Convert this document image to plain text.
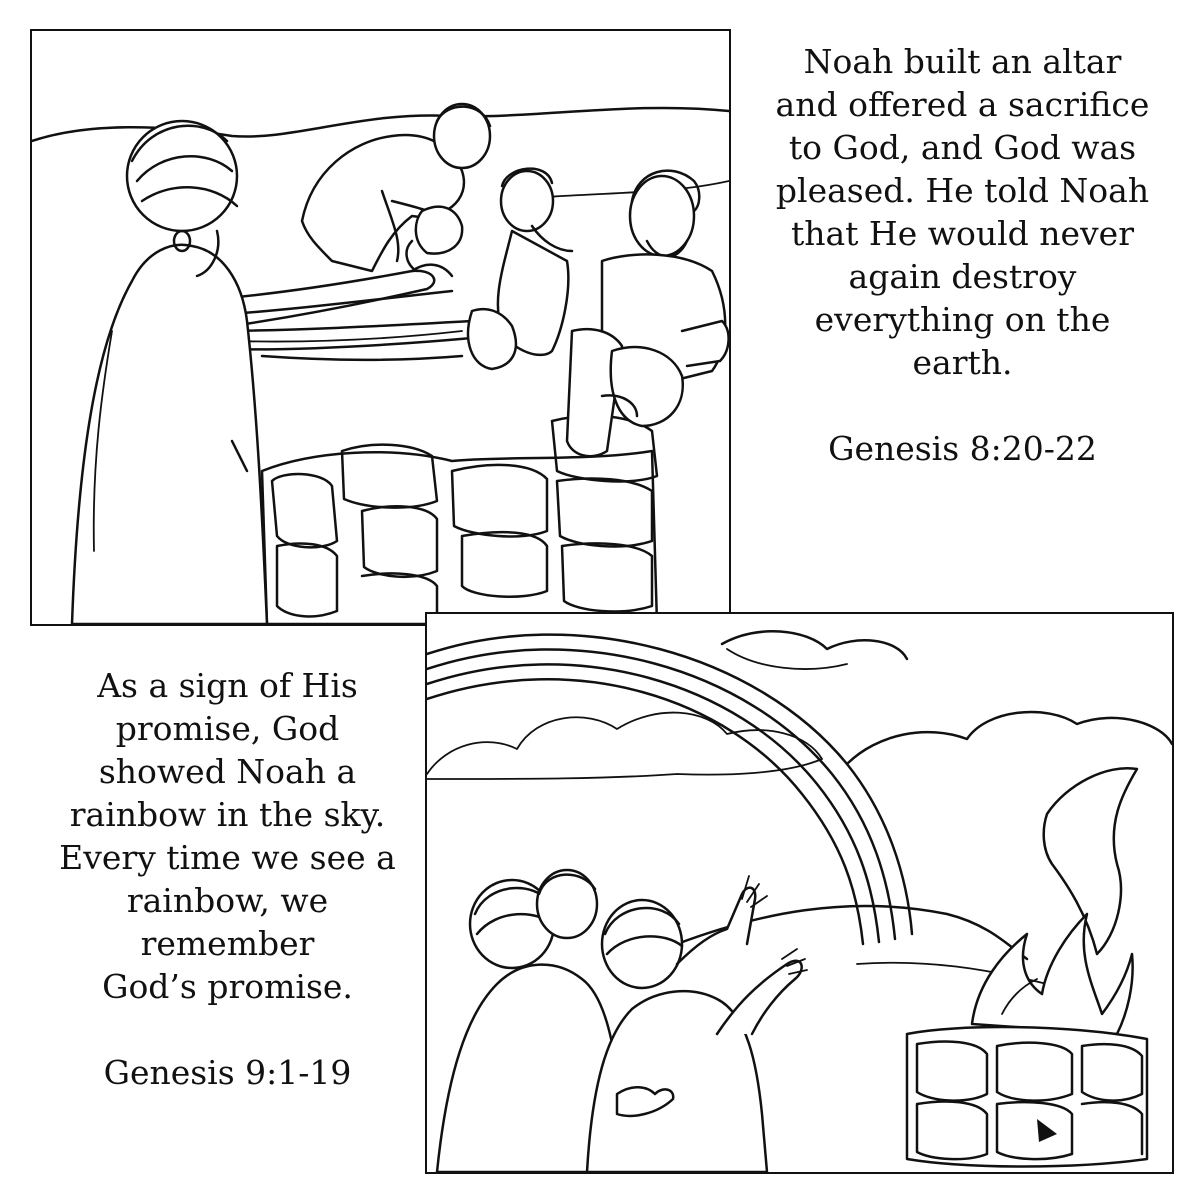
Noah built an altar
and offered a sacrifice
to God, and God was
pleased. He told Noah
that He would never
again destroy
everything on the
earth.
Genesis 8:20-22
As a sign of His
promise, God
showed Noah a
rainbow in the sky.
Every time we see a
rainbow, we
remember
God’s promise.
Genesis 9:1-19
